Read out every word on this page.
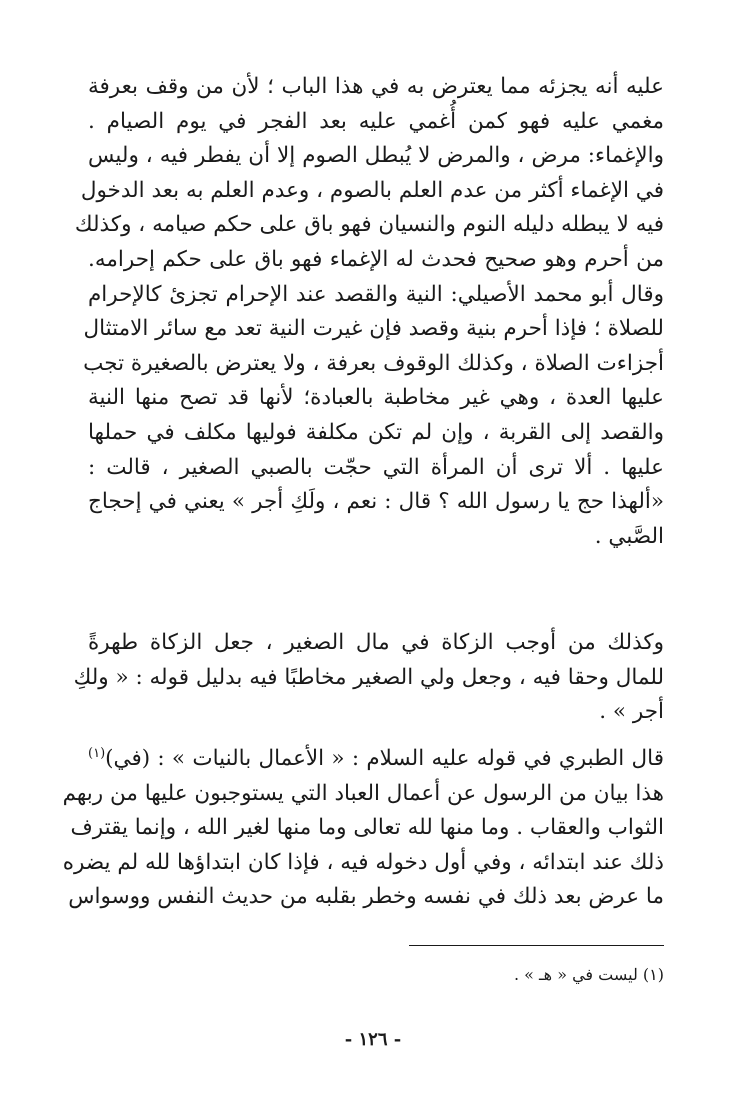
عليه أنه يجزئه مما يعترض به في هذا الباب ؛ لأن من وقف بعرفة
مغمي عليه فهو كمن أُغمي عليه بعد الفجر في يوم الصيام .
والإغماء: مرض ، والمرض لا يُبطل الصوم إلا أن يفطر فيه ، وليس
في الإغماء أكثر من عدم العلم بالصوم ، وعدم العلم به بعد الدخول
فيه لا يبطله دليله النوم والنسيان فهو باق على حكم صيامه ، وكذلك
من أحرم وهو صحيح فحدث له الإغماء فهو باق على حكم إحرامه.
وقال أبو محمد الأصيلي: النية والقصد عند الإحرام تجزئ كالإحرام
للصلاة ؛ فإذا أحرم بنية وقصد فإن غيرت النية تعد مع سائر الامتثال
أجزاءت الصلاة ، وكذلك الوقوف بعرفة ، ولا يعترض بالصغيرة تجب
عليها العدة ، وهي غير مخاطبة بالعبادة؛ لأنها قد تصح منها النية
والقصد إلى القربة ، وإن لم تكن مكلفة فوليها مكلف في حملها
عليها . ألا ترى أن المرأة التي حجّت بالصبي الصغير ، قالت :
«ألهذا حج يا رسول الله ؟ قال : نعم ، ولَكِ أجر » يعني في إحجاج
الصَّبي .
وكذلك من أوجب الزكاة في مال الصغير ، جعل الزكاة طهرةً
للمال وحقا فيه ، وجعل ولي الصغير مخاطبًا فيه بدليل قوله : « ولكِ
أجر » .
قال الطبري في قوله عليه السلام : « الأعمال بالنيات » : (في)$^{(١)}$
هذا بيان من الرسول عن أعمال العباد التي يستوجبون عليها من ربهم
الثواب والعقاب . وما منها لله تعالى وما منها لغير الله ، وإنما يقترف
ذلك عند ابتدائه ، وفي أول دخوله فيه ، فإذا كان ابتداؤها لله لم يضره
ما عرض بعد ذلك في نفسه وخطر بقلبه من حديث النفس ووسواس
(١) ليست في « هـ » .
- ١٢٦ -
